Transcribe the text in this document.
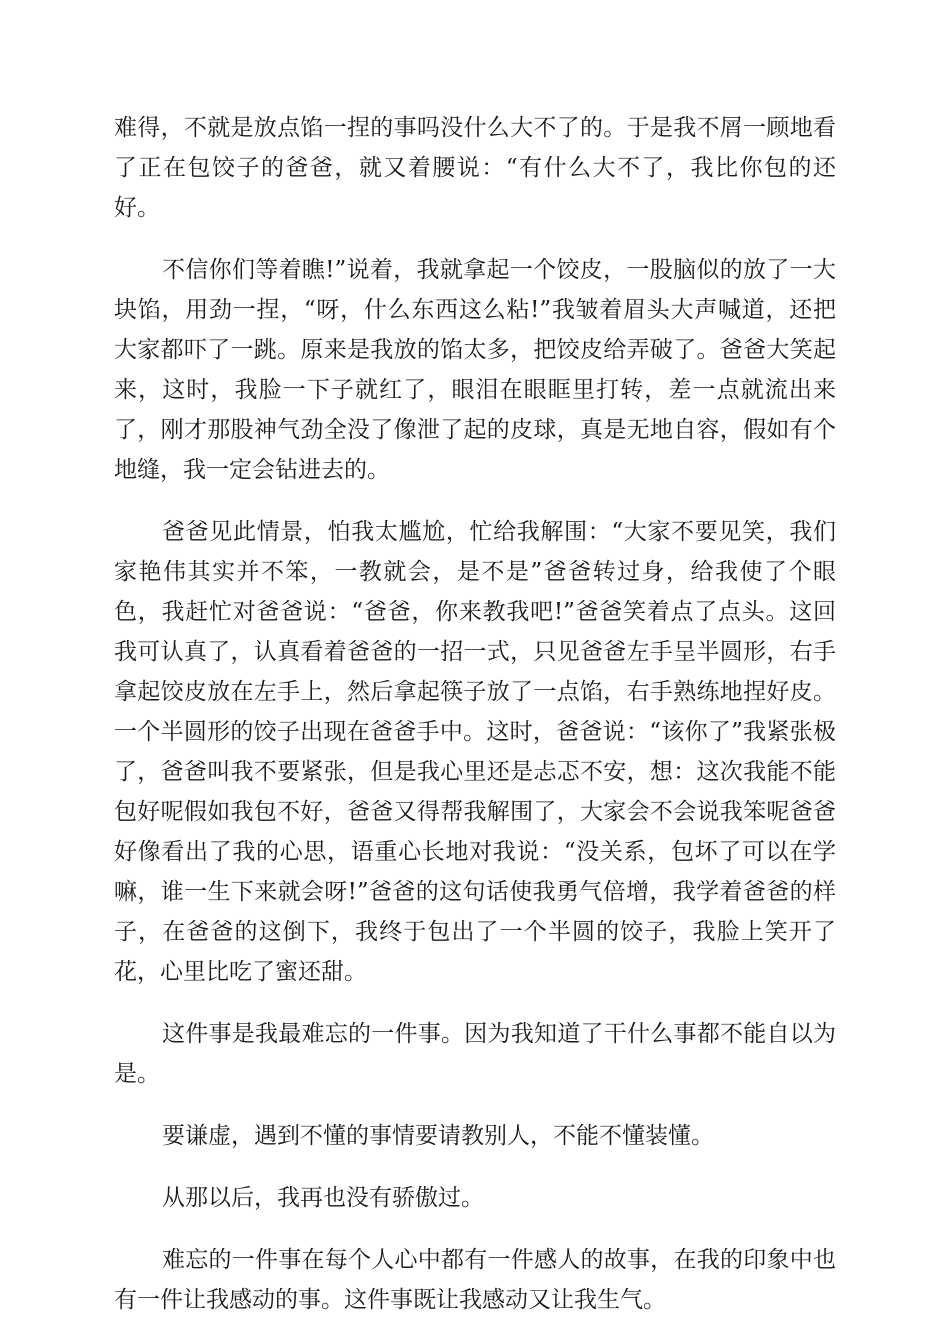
难得，不就是放点馅一捏的事吗没什么大不了的。于是我不屑一顾地看了正在包饺子的爸爸，就又着腰说：“有什么大不了，我比你包的还好。

不信你们等着瞧!”说着，我就拿起一个饺皮，一股脑似的放了一大块馅，用劲一捏，“呀，什么东西这么粘!”我皱着眉头大声喊道，还把大家都吓了一跳。原来是我放的馅太多，把饺皮给弄破了。爸爸大笑起来，这时，我脸一下子就红了，眼泪在眼眶里打转，差一点就流出来了，刚才那股神气劲全没了像泄了起的皮球，真是无地自容，假如有个地缝，我一定会钻进去的。

爸爸见此情景，怕我太尴尬，忙给我解围：“大家不要见笑，我们家艳伟其实并不笨，一教就会，是不是”爸爸转过身，给我使了个眼色，我赶忙对爸爸说：“爸爸，你来教我吧!”爸爸笑着点了点头。这回我可认真了，认真看着爸爸的一招一式，只见爸爸左手呈半圆形，右手拿起饺皮放在左手上，然后拿起筷子放了一点馅，右手熟练地捏好皮。一个半圆形的饺子出现在爸爸手中。这时，爸爸说：“该你了”我紧张极了，爸爸叫我不要紧张，但是我心里还是忐忑不安，想：这次我能不能包好呢假如我包不好，爸爸又得帮我解围了，大家会不会说我笨呢爸爸好像看出了我的心思，语重心长地对我说：“没关系，包坏了可以在学嘛，谁一生下来就会呀!”爸爸的这句话使我勇气倍增，我学着爸爸的样子，在爸爸的这倒下，我终于包出了一个半圆的饺子，我脸上笑开了花，心里比吃了蜜还甜。

这件事是我最难忘的一件事。因为我知道了干什么事都不能自以为是。

要谦虚，遇到不懂的事情要请教别人，不能不懂装懂。

从那以后，我再也没有骄傲过。

难忘的一件事在每个人心中都有一件感人的故事，在我的印象中也有一件让我感动的事。这件事既让我感动又让我生气。
